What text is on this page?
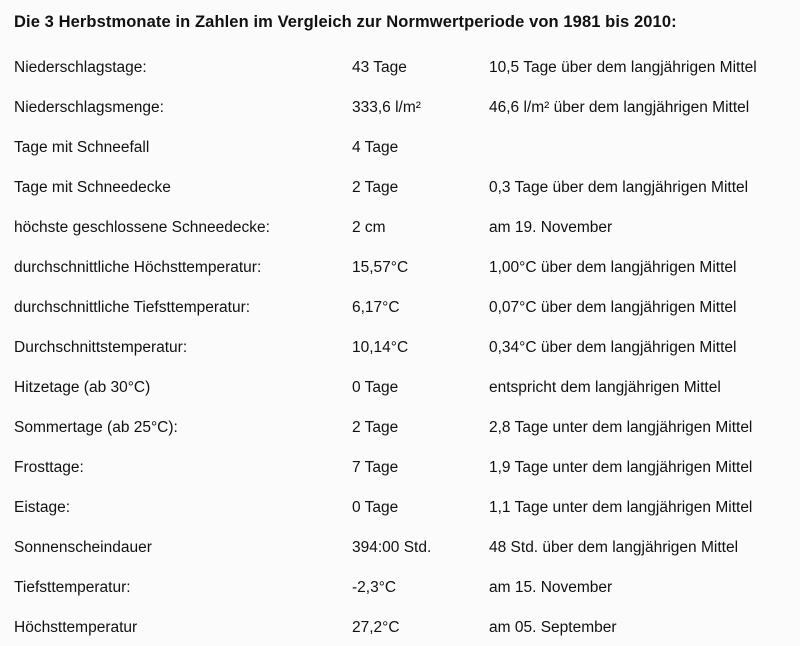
Die 3 Herbstmonate in Zahlen im Vergleich zur Normwertperiode von 1981 bis 2010:
Niederschlagstage:	43 Tage	10,5 Tage über dem langjährigen Mittel
Niederschlagsmenge:	333,6 l/m²	46,6 l/m² über dem langjährigen Mittel
Tage mit Schneefall	4 Tage
Tage mit Schneedecke	2 Tage	0,3 Tage über dem langjährigen Mittel
höchste geschlossene Schneedecke:	2 cm	am 19. November
durchschnittliche Höchsttemperatur:	15,57°C	1,00°C über dem langjährigen Mittel
durchschnittliche Tiefsttemperatur:	6,17°C	0,07°C über dem langjährigen Mittel
Durchschnittstemperatur:	10,14°C	0,34°C über dem langjährigen Mittel
Hitzetage (ab 30°C)	0 Tage	entspricht dem langjährigen Mittel
Sommertage (ab 25°C):	2 Tage	2,8 Tage unter dem langjährigen Mittel
Frosttage:	7 Tage	1,9 Tage unter dem langjährigen Mittel
Eistage:	0 Tage	1,1 Tage unter dem langjährigen Mittel
Sonnenscheindauer	394:00 Std.	48 Std. über dem langjährigen Mittel
Tiefsttemperatur:	-2,3°C	am 15. November
Höchsttemperatur	27,2°C	am 05. September
